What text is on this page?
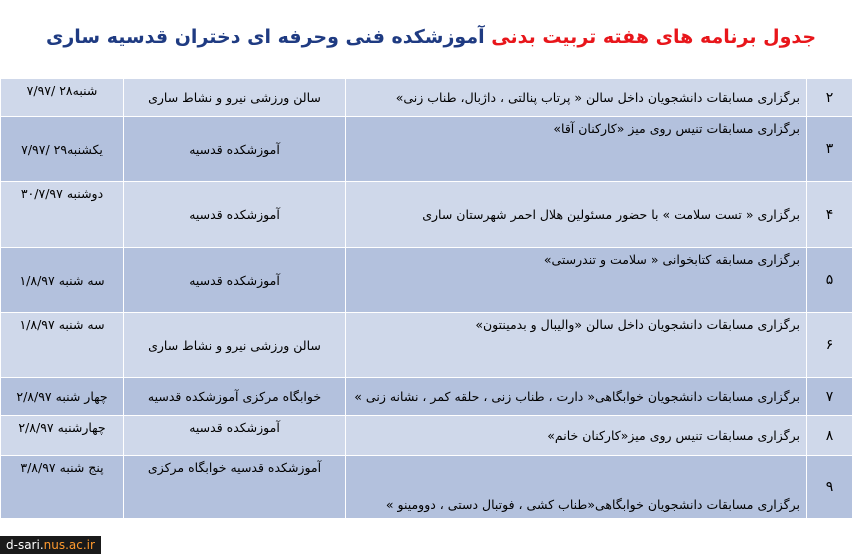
جدول برنامه های هفته تربیت بدنی آموزشکده فنی وحرفه ای دختران قدسیه ساری
۲	برگزاری مسابقات دانشجویان داخل سالن « پرتاب پنالتی ، داژبال، طناب زنی»	سالن ورزشی نیرو و نشاط ساری	شنبه۲۸ /۷/۹۷
۳	برگزاری مسابقات تنیس روی میز «کارکنان آقا»	آموزشکده قدسیه	یکشنبه۲۹ /۷/۹۷
۴	برگزاری « تست سلامت » با حضور مسئولین هلال احمر شهرستان ساری	آموزشکده قدسیه	دوشنبه ۳۰/۷/۹۷
۵	برگزاری مسابقه کتابخوانی « سلامت و تندرستی»	آموزشکده قدسیه	سه شنبه ۱/۸/۹۷
۶	برگزاری مسابقات دانشجویان داخل سالن «والیبال و بدمینتون»	سالن ورزشی نیرو و نشاط ساری	سه شنبه ۱/۸/۹۷
۷	برگزاری مسابقات دانشجویان خوابگاهی« دارت ، طناب زنی ، حلقه کمر ، نشانه زنی »	خوابگاه مرکزی آموزشکده قدسیه	چهار شنبه ۲/۸/۹۷
۸	برگزاری مسابقات تنیس روی میز«کارکنان خانم»	آموزشکده قدسیه	چهارشنبه ۲/۸/۹۷
۹	برگزاری مسابقات دانشجویان خوابگاهی«طناب کشی ، فوتبال دستی ، دوومینو »	آموزشکده قدسیه خوابگاه مرکزی	پنج شنبه ۳/۸/۹۷
d-sari.nus.ac.ir
